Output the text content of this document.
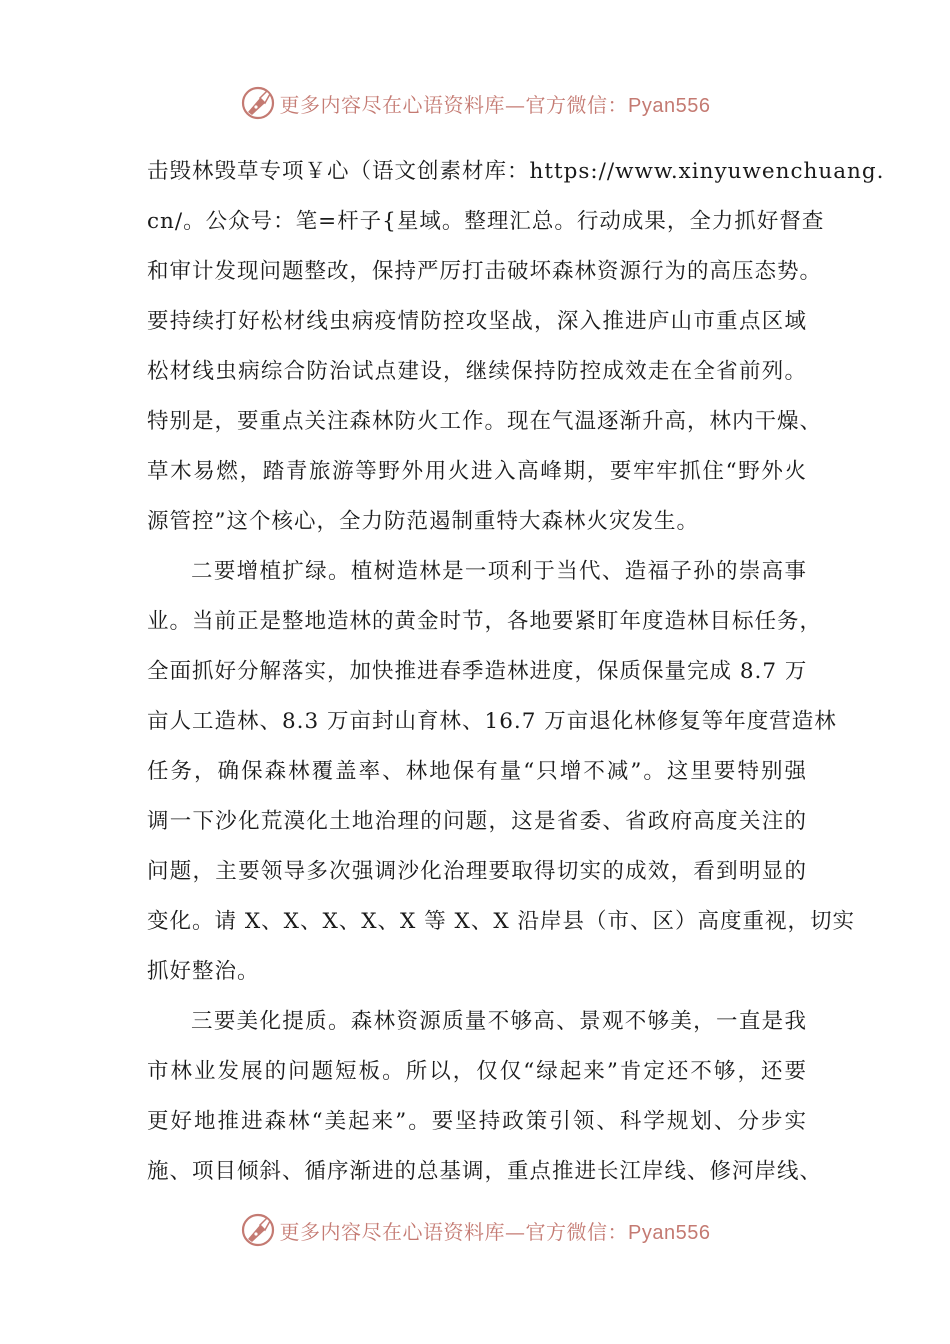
更多内容尽在心语资料库—官方微信：Pyan556
击毁林毁草专项￥心（语文创素材库：https://www.xinyuwenchuang.
cn/。公众号：笔=杆子{星域。整理汇总。行动成果，全力抓好督查
和审计发现问题整改，保持严厉打击破坏森林资源行为的高压态势。
要持续打好松材线虫病疫情防控攻坚战，深入推进庐山市重点区域
松材线虫病综合防治试点建设，继续保持防控成效走在全省前列。
特别是，要重点关注森林防火工作。现在气温逐渐升高，林内干燥、
草木易燃，踏青旅游等野外用火进入高峰期，要牢牢抓住“野外火
源管控”这个核心，全力防范遏制重特大森林火灾发生。
二要增植扩绿。植树造林是一项利于当代、造福子孙的崇高事
业。当前正是整地造林的黄金时节，各地要紧盯年度造林目标任务，
全面抓好分解落实，加快推进春季造林进度，保质保量完成 8.7 万
亩人工造林、8.3 万亩封山育林、16.7 万亩退化林修复等年度营造林
任务，确保森林覆盖率、林地保有量“只增不减”。这里要特别强
调一下沙化荒漠化土地治理的问题，这是省委、省政府高度关注的
问题，主要领导多次强调沙化治理要取得切实的成效，看到明显的
变化。请 X、X、X、X、X 等 X、X 沿岸县（市、区）高度重视，切实
抓好整治。
三要美化提质。森林资源质量不够高、景观不够美，一直是我
市林业发展的问题短板。所以，仅仅“绿起来”肯定还不够，还要
更好地推进森林“美起来”。要坚持政策引领、科学规划、分步实
施、项目倾斜、循序渐进的总基调，重点推进长江岸线、修河岸线、
更多内容尽在心语资料库—官方微信：Pyan556
